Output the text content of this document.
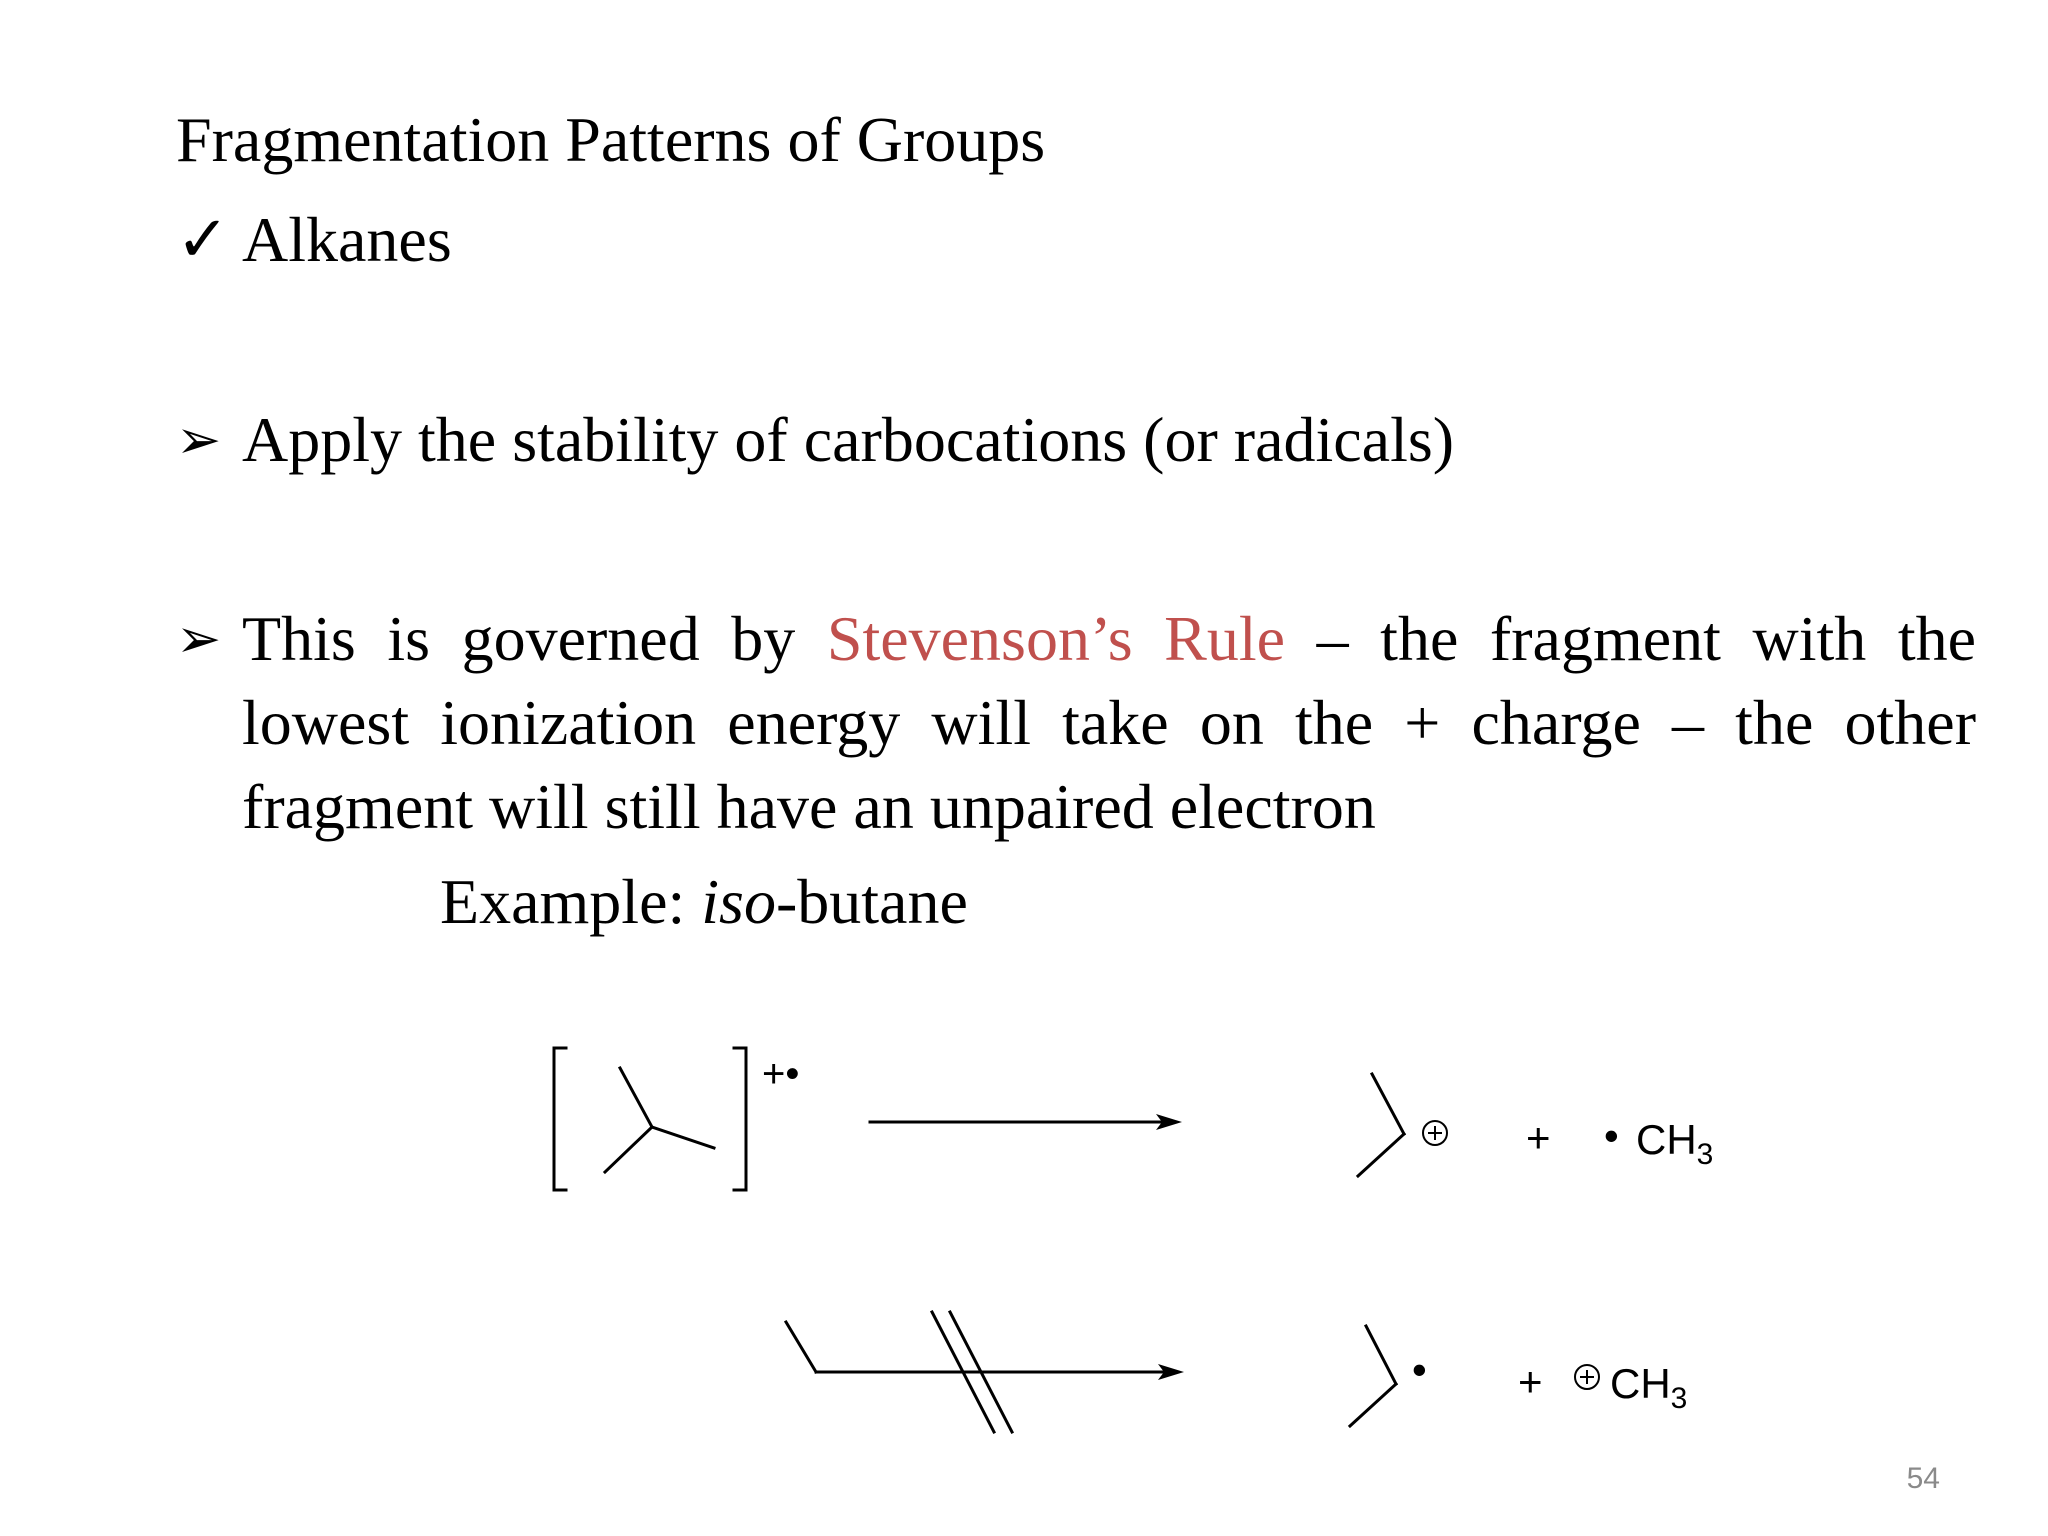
Fragmentation Patterns of Groups
✓ Alkanes
➢ Apply the stability of carbocations (or radicals)
➢ This is governed by Stevenson’s Rule – the fragment with the lowest ionization energy will take on the + charge – the other fragment will still have an unpaired electron
Example: iso-butane
+•
+ • $CH_3$
• + $CH_3$
54
